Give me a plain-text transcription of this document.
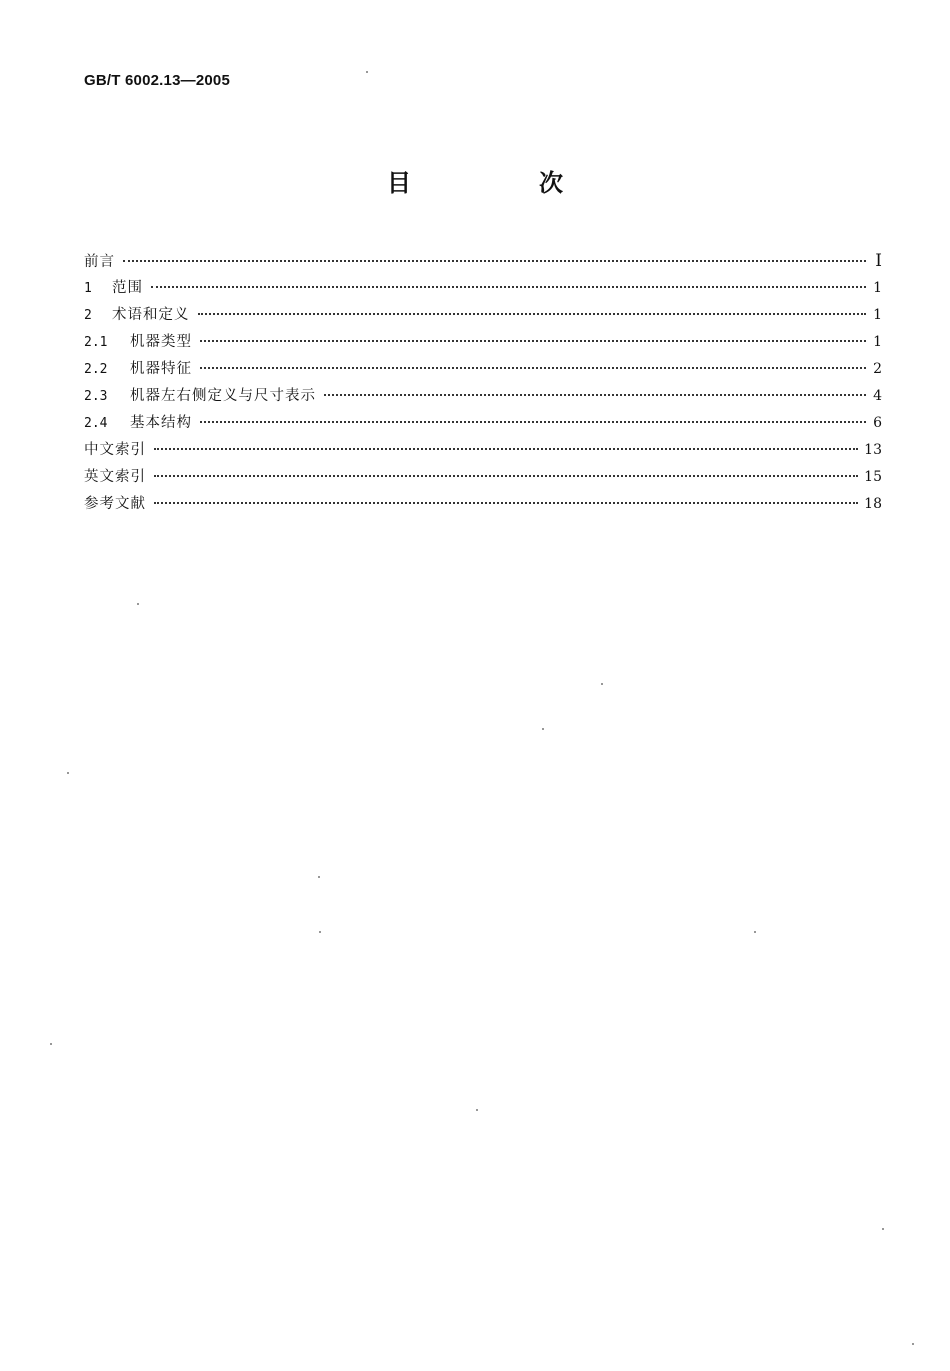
GB/T 6002.13—2005
目　次
前言	I
1	范围	1
2	术语和定义	1
2.1	机器类型	1
2.2	机器特征	2
2.3	机器左右侧定义与尺寸表示	4
2.4	基本结构	6
中文索引	13
英文索引	15
参考文献	18
